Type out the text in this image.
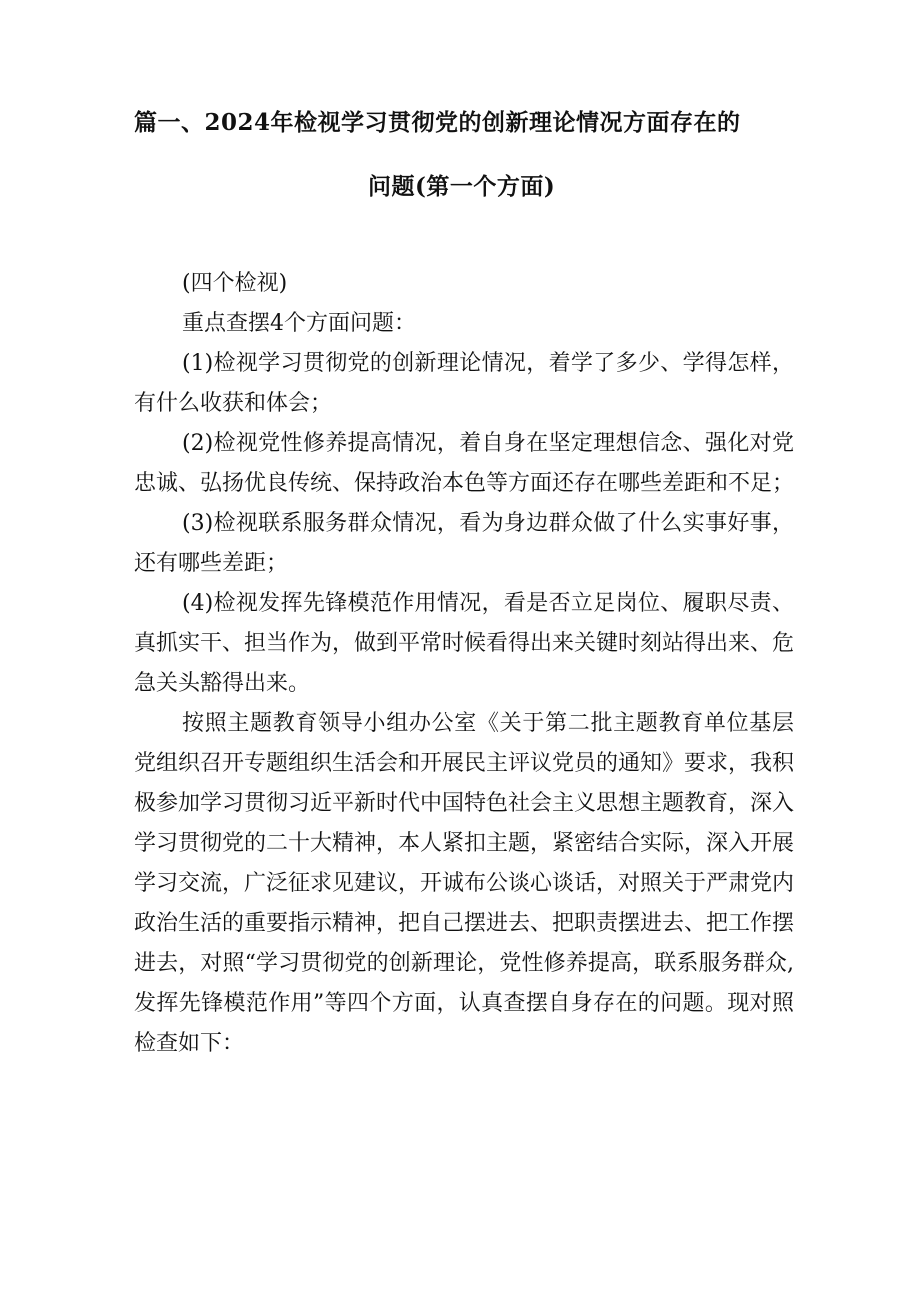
篇一、2024年检视学习贯彻党的创新理论情况方面存在的
问题(第一个方面)

(四个检视)

重点查摆4个方面问题：

(1)检视学习贯彻党的创新理论情况，着学了多少、学得怎样，有什么收获和体会；

(2)检视党性修养提高情况，着自身在坚定理想信念、强化对党忠诚、弘扬优良传统、保持政治本色等方面还存在哪些差距和不足；

(3)检视联系服务群众情况，看为身边群众做了什么实事好事，还有哪些差距；

(4)检视发挥先锋模范作用情况，看是否立足岗位、履职尽责、真抓实干、担当作为，做到平常时候看得出来关键时刻站得出来、危急关头豁得出来。

按照主题教育领导小组办公室《关于第二批主题教育单位基层党组织召开专题组织生活会和开展民主评议党员的通知》要求，我积极参加学习贯彻习近平新时代中国特色社会主义思想主题教育，深入学习贯彻党的二十大精神，本人紧扣主题，紧密结合实际，深入开展学习交流，广泛征求见建议，开诚布公谈心谈话，对照关于严肃党内政治生活的重要指示精神，把自己摆进去、把职责摆进去、把工作摆进去，对照“学习贯彻党的创新理论，党性修养提高，联系服务群众,发挥先锋模范作用”等四个方面，认真查摆自身存在的问题。现对照检查如下：
